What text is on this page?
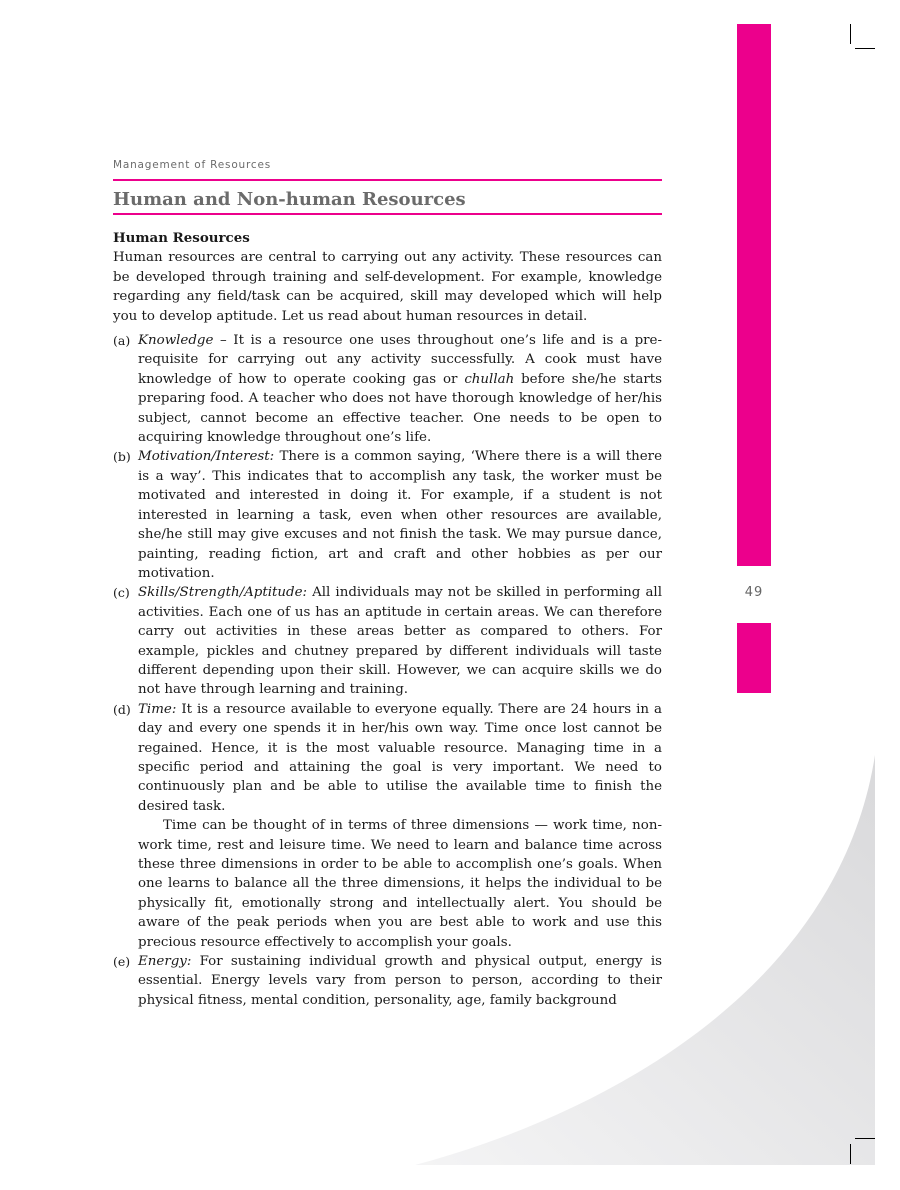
49
Management of Resources
Human and Non-human Resources

Human Resources

Human resources are central to carrying out any activity. These resources can be developed through training and self-development. For example, knowledge regarding any field/task can be acquired, skill may developed which will help you to develop aptitude. Let us read about human resources in detail.

(a) Knowledge – It is a resource one uses throughout one’s life and is a pre-requisite for carrying out any activity successfully. A cook must have knowledge of how to operate cooking gas or chullah before she/he starts preparing food. A teacher who does not have thorough knowledge of her/his subject, cannot become an effective teacher. One needs to be open to acquiring knowledge throughout one’s life.
(b) Motivation/Interest: There is a common saying, ‘Where there is a will there is a way’. This indicates that to accomplish any task, the worker must be motivated and interested in doing it. For example, if a student is not interested in learning a task, even when other resources are available, she/he still may give excuses and not finish the task. We may pursue dance, painting, reading fiction, art and craft and other hobbies as per our motivation.
(c) Skills/Strength/Aptitude: All individuals may not be skilled in performing all activities. Each one of us has an aptitude in certain areas. We can therefore carry out activities in these areas better as compared to others. For example, pickles and chutney prepared by different individuals will taste different depending upon their skill. However, we can acquire skills we do not have through learning and training.
(d) Time: It is a resource available to everyone equally. There are 24 hours in a day and every one spends it in her/his own way. Time once lost cannot be regained. Hence, it is the most valuable resource. Managing time in a specific period and attaining the goal is very important. We need to continuously plan and be able to utilise the available time to finish the desired task.

Time can be thought of in terms of three dimensions — work time, non-work time, rest and leisure time. We need to learn and balance time across these three dimensions in order to be able to accomplish one’s goals. When one learns to balance all the three dimensions, it helps the individual to be physically fit, emotionally strong and intellectually alert. You should be aware of the peak periods when you are best able to work and use this precious resource effectively to accomplish your goals.

(e) Energy: For sustaining individual growth and physical output, energy is essential. Energy levels vary from person to person, according to their physical fitness, mental condition, personality, age, family background
